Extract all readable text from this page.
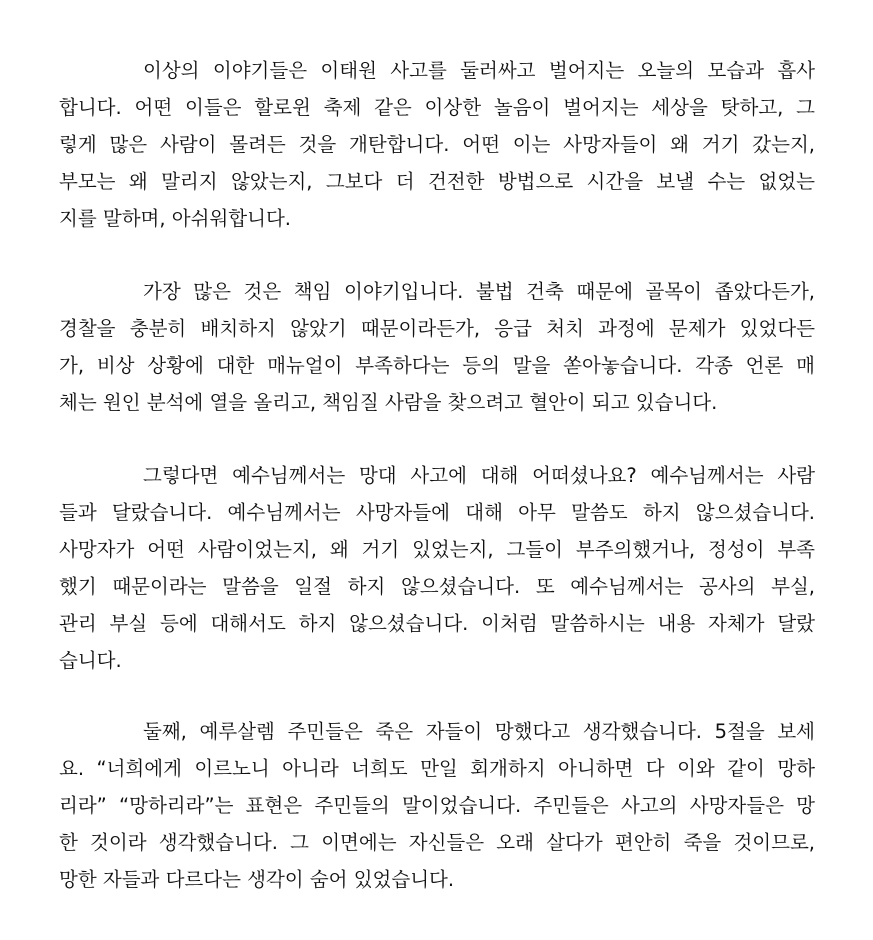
이상의 이야기들은 이태원 사고를 둘러싸고 벌어지는 오늘의 모습과 흡사
합니다. 어떤 이들은 할로윈 축제 같은 이상한 놀음이 벌어지는 세상을 탓하고, 그
렇게 많은 사람이 몰려든 것을 개탄합니다. 어떤 이는 사망자들이 왜 거기 갔는지,
부모는 왜 말리지 않았는지, 그보다 더 건전한 방법으로 시간을 보낼 수는 없었는
지를 말하며, 아쉬워합니다.
가장 많은 것은 책임 이야기입니다. 불법 건축 때문에 골목이 좁았다든가,
경찰을 충분히 배치하지 않았기 때문이라든가, 응급 처치 과정에 문제가 있었다든
가, 비상 상황에 대한 매뉴얼이 부족하다는 등의 말을 쏟아놓습니다. 각종 언론 매
체는 원인 분석에 열을 올리고, 책임질 사람을 찾으려고 혈안이 되고 있습니다.
그렇다면 예수님께서는 망대 사고에 대해 어떠셨나요? 예수님께서는 사람
들과 달랐습니다. 예수님께서는 사망자들에 대해 아무 말씀도 하지 않으셨습니다.
사망자가 어떤 사람이었는지, 왜 거기 있었는지, 그들이 부주의했거나, 정성이 부족
했기 때문이라는 말씀을 일절 하지 않으셨습니다. 또 예수님께서는 공사의 부실,
관리 부실 등에 대해서도 하지 않으셨습니다. 이처럼 말씀하시는 내용 자체가 달랐
습니다.
둘째, 예루살렘 주민들은 죽은 자들이 망했다고 생각했습니다. 5절을 보세
요. “너희에게 이르노니 아니라 너희도 만일 회개하지 아니하면 다 이와 같이 망하
리라” “망하리라”는 표현은 주민들의 말이었습니다. 주민들은 사고의 사망자들은 망
한 것이라 생각했습니다. 그 이면에는 자신들은 오래 살다가 편안히 죽을 것이므로,
망한 자들과 다르다는 생각이 숨어 있었습니다.
